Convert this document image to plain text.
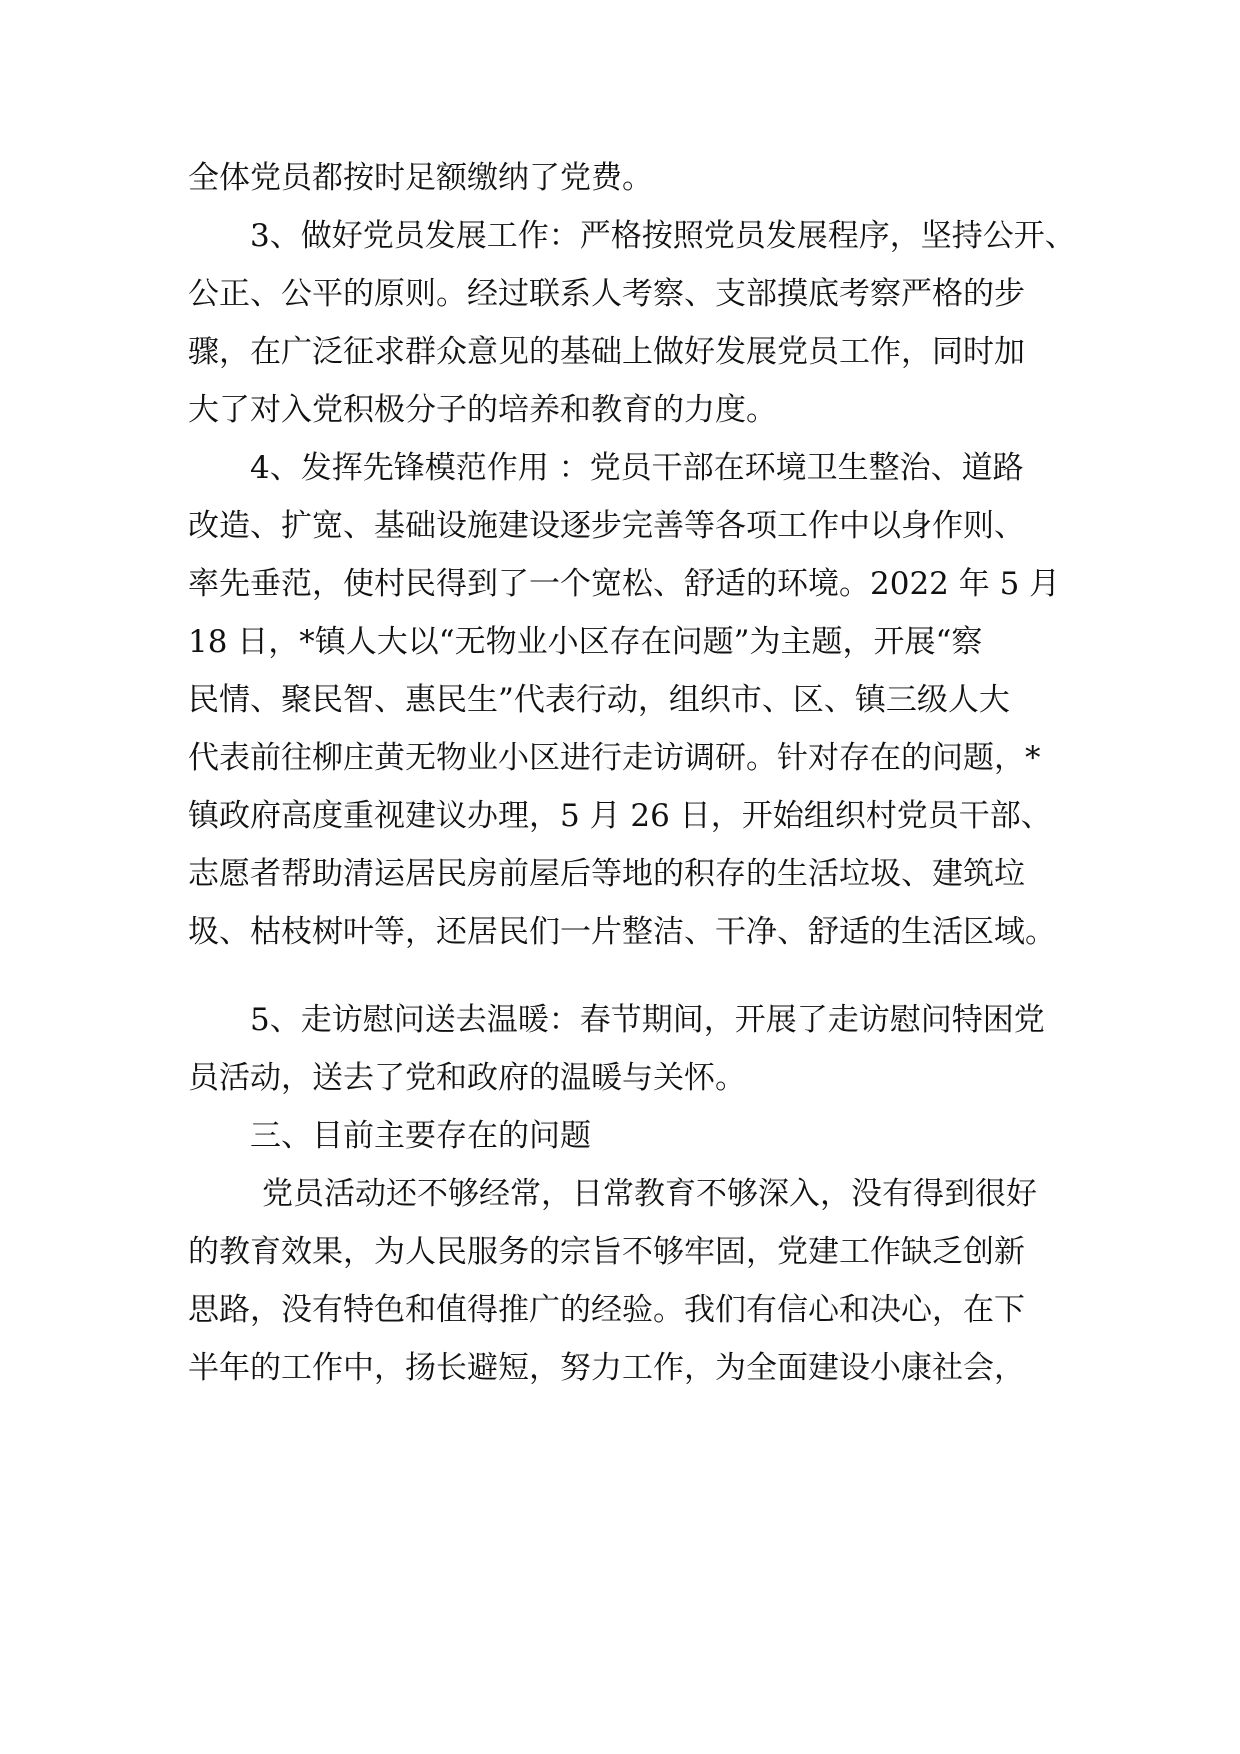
全体党员都按时足额缴纳了党费。
3、做好党员发展工作：严格按照党员发展程序，坚持公开、
公正、公平的原则。经过联系人考察、支部摸底考察严格的步
骤，在广泛征求群众意见的基础上做好发展党员工作，同时加
大了对入党积极分子的培养和教育的力度。
4、发挥先锋模范作用 ：党员干部在环境卫生整治、道路
改造、扩宽、基础设施建设逐步完善等各项工作中以身作则、
率先垂范，使村民得到了一个宽松、舒适的环境。2022 年 5 月
18 日，*镇人大以“无物业小区存在问题”为主题，开展“察
民情、聚民智、惠民生”代表行动，组织市、区、镇三级人大
代表前往柳庄黄无物业小区进行走访调研。针对存在的问题，*
镇政府高度重视建议办理，5 月 26 日，开始组织村党员干部、
志愿者帮助清运居民房前屋后等地的积存的生活垃圾、建筑垃
圾、枯枝树叶等，还居民们一片整洁、干净、舒适的生活区域。
5、走访慰问送去温暖：春节期间，开展了走访慰问特困党
员活动，送去了党和政府的温暖与关怀。
三、目前主要存在的问题
党员活动还不够经常，日常教育不够深入，没有得到很好
的教育效果，为人民服务的宗旨不够牢固，党建工作缺乏创新
思路，没有特色和值得推广的经验。我们有信心和决心，在下
半年的工作中，扬长避短，努力工作，为全面建设小康社会，
